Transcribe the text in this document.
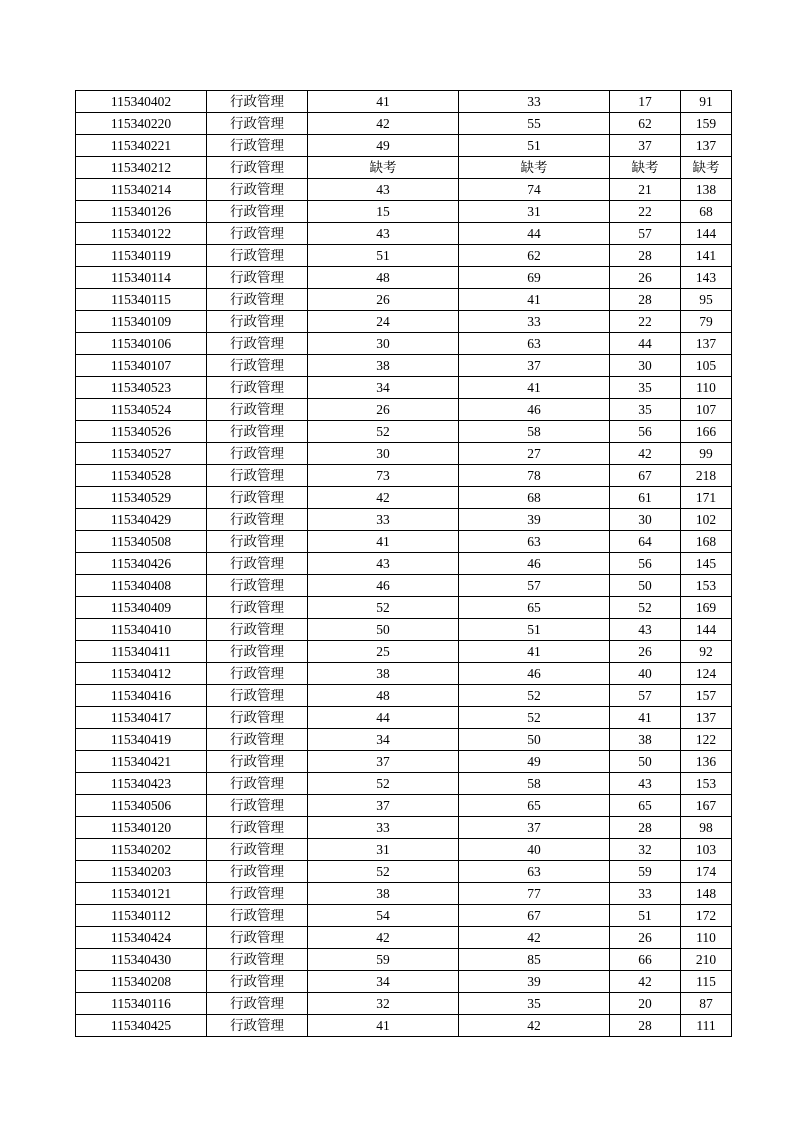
115340402	行政管理	41	33	17	91
115340220	行政管理	42	55	62	159
115340221	行政管理	49	51	37	137
115340212	行政管理	缺考	缺考	缺考	缺考
115340214	行政管理	43	74	21	138
115340126	行政管理	15	31	22	68
115340122	行政管理	43	44	57	144
115340119	行政管理	51	62	28	141
115340114	行政管理	48	69	26	143
115340115	行政管理	26	41	28	95
115340109	行政管理	24	33	22	79
115340106	行政管理	30	63	44	137
115340107	行政管理	38	37	30	105
115340523	行政管理	34	41	35	110
115340524	行政管理	26	46	35	107
115340526	行政管理	52	58	56	166
115340527	行政管理	30	27	42	99
115340528	行政管理	73	78	67	218
115340529	行政管理	42	68	61	171
115340429	行政管理	33	39	30	102
115340508	行政管理	41	63	64	168
115340426	行政管理	43	46	56	145
115340408	行政管理	46	57	50	153
115340409	行政管理	52	65	52	169
115340410	行政管理	50	51	43	144
115340411	行政管理	25	41	26	92
115340412	行政管理	38	46	40	124
115340416	行政管理	48	52	57	157
115340417	行政管理	44	52	41	137
115340419	行政管理	34	50	38	122
115340421	行政管理	37	49	50	136
115340423	行政管理	52	58	43	153
115340506	行政管理	37	65	65	167
115340120	行政管理	33	37	28	98
115340202	行政管理	31	40	32	103
115340203	行政管理	52	63	59	174
115340121	行政管理	38	77	33	148
115340112	行政管理	54	67	51	172
115340424	行政管理	42	42	26	110
115340430	行政管理	59	85	66	210
115340208	行政管理	34	39	42	115
115340116	行政管理	32	35	20	87
115340425	行政管理	41	42	28	111
